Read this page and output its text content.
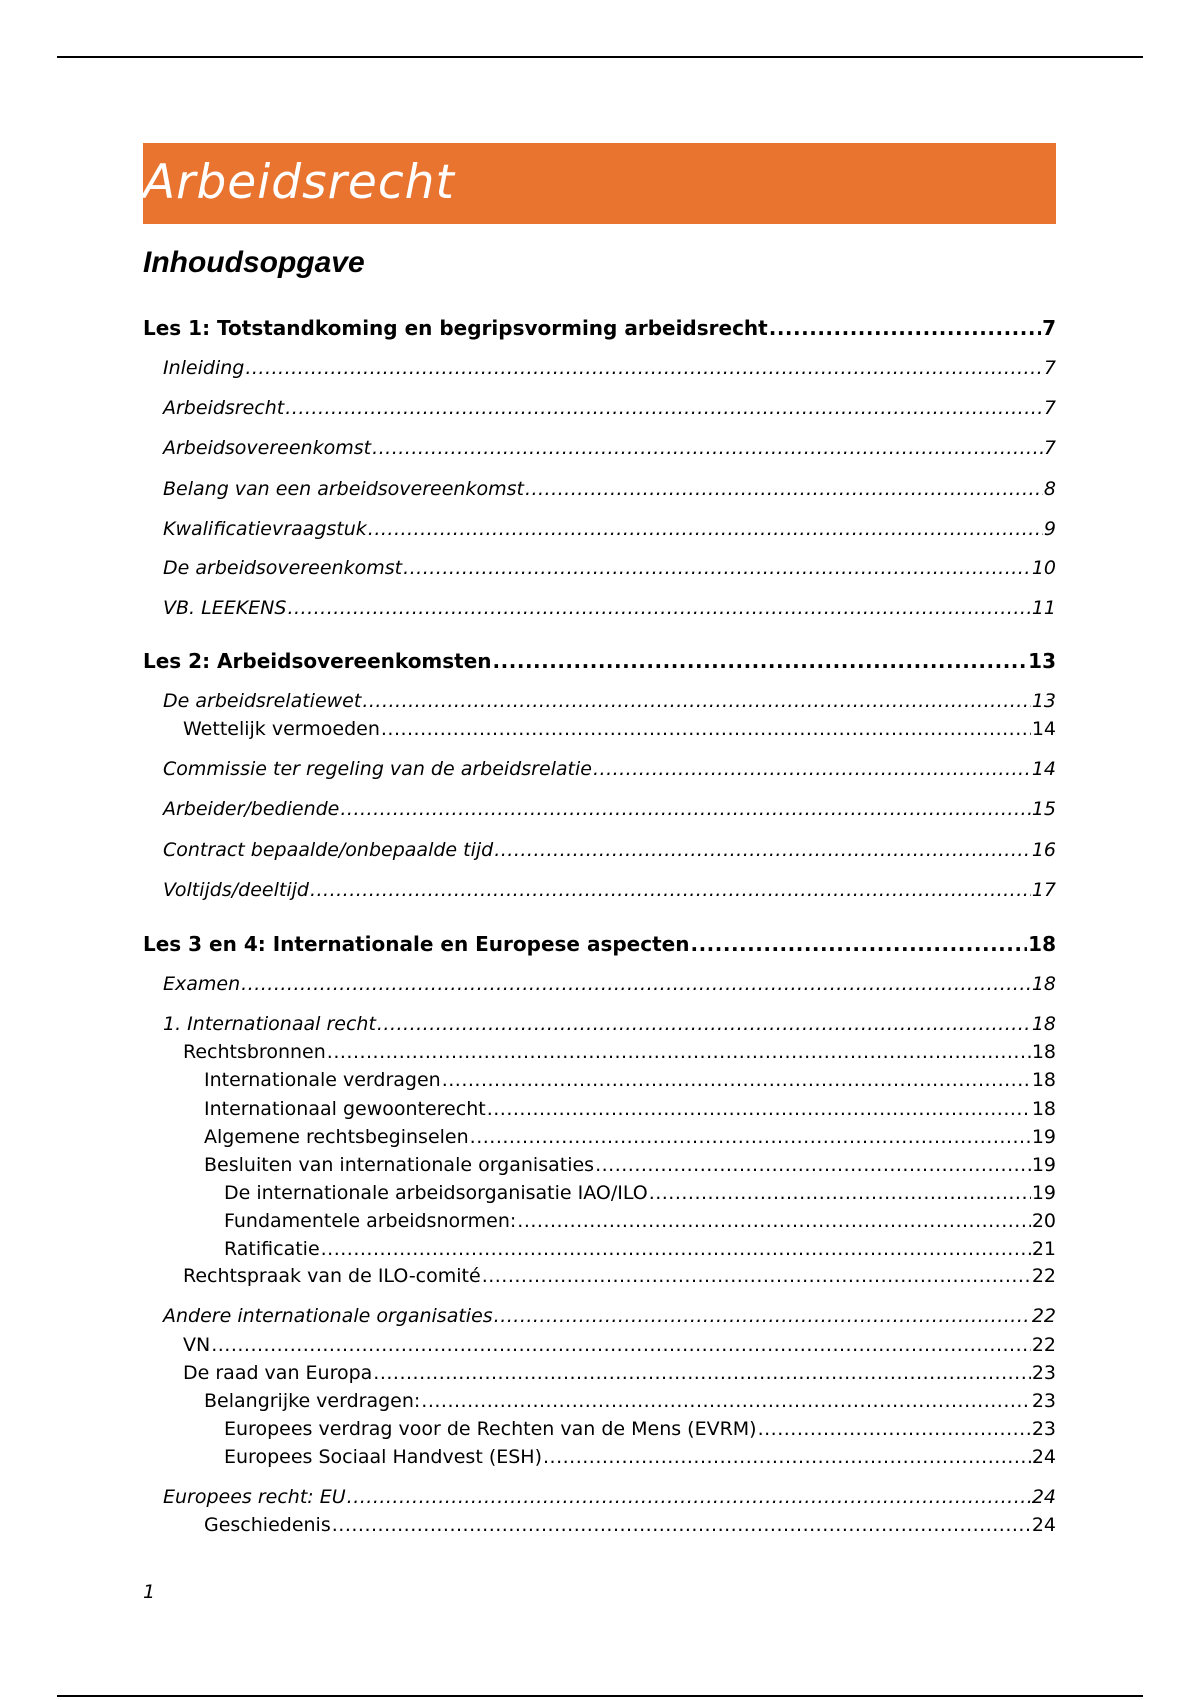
Arbeidsrecht
Inhoudsopgave
Les 1: Totstandkoming en begripsvorming arbeidsrecht .....	7
Inleiding .....	7
Arbeidsrecht .....	7
Arbeidsovereenkomst .....	7
Belang van een arbeidsovereenkomst .....	8
Kwalificatievraagstuk .....	9
De arbeidsovereenkomst .....	10
VB. LEEKENS .....	11
Les 2: Arbeidsovereenkomsten .....	13
De arbeidsrelatiewet .....	13
Wettelijk vermoeden .....	14
Commissie ter regeling van de arbeidsrelatie .....	14
Arbeider/bediende .....	15
Contract bepaalde/onbepaalde tijd .....	16
Voltijds/deeltijd .....	17
Les 3 en 4: Internationale en Europese aspecten .....	18
Examen .....	18
1. Internationaal recht .....	18
Rechtsbronnen .....	18
Internationale verdragen .....	18
Internationaal gewoonterecht .....	18
Algemene rechtsbeginselen .....	19
Besluiten van internationale organisaties .....	19
De internationale arbeidsorganisatie IAO/ILO .....	19
Fundamentele arbeidsnormen: .....	20
Ratificatie .....	21
Rechtspraak van de ILO-comité .....	22
Andere internationale organisaties .....	22
VN .....	22
De raad van Europa .....	23
Belangrijke verdragen: .....	23
Europees verdrag voor de Rechten van de Mens (EVRM) .....	23
Europees Sociaal Handvest (ESH) .....	24
Europees recht: EU .....	24
Geschiedenis .....	24
1
